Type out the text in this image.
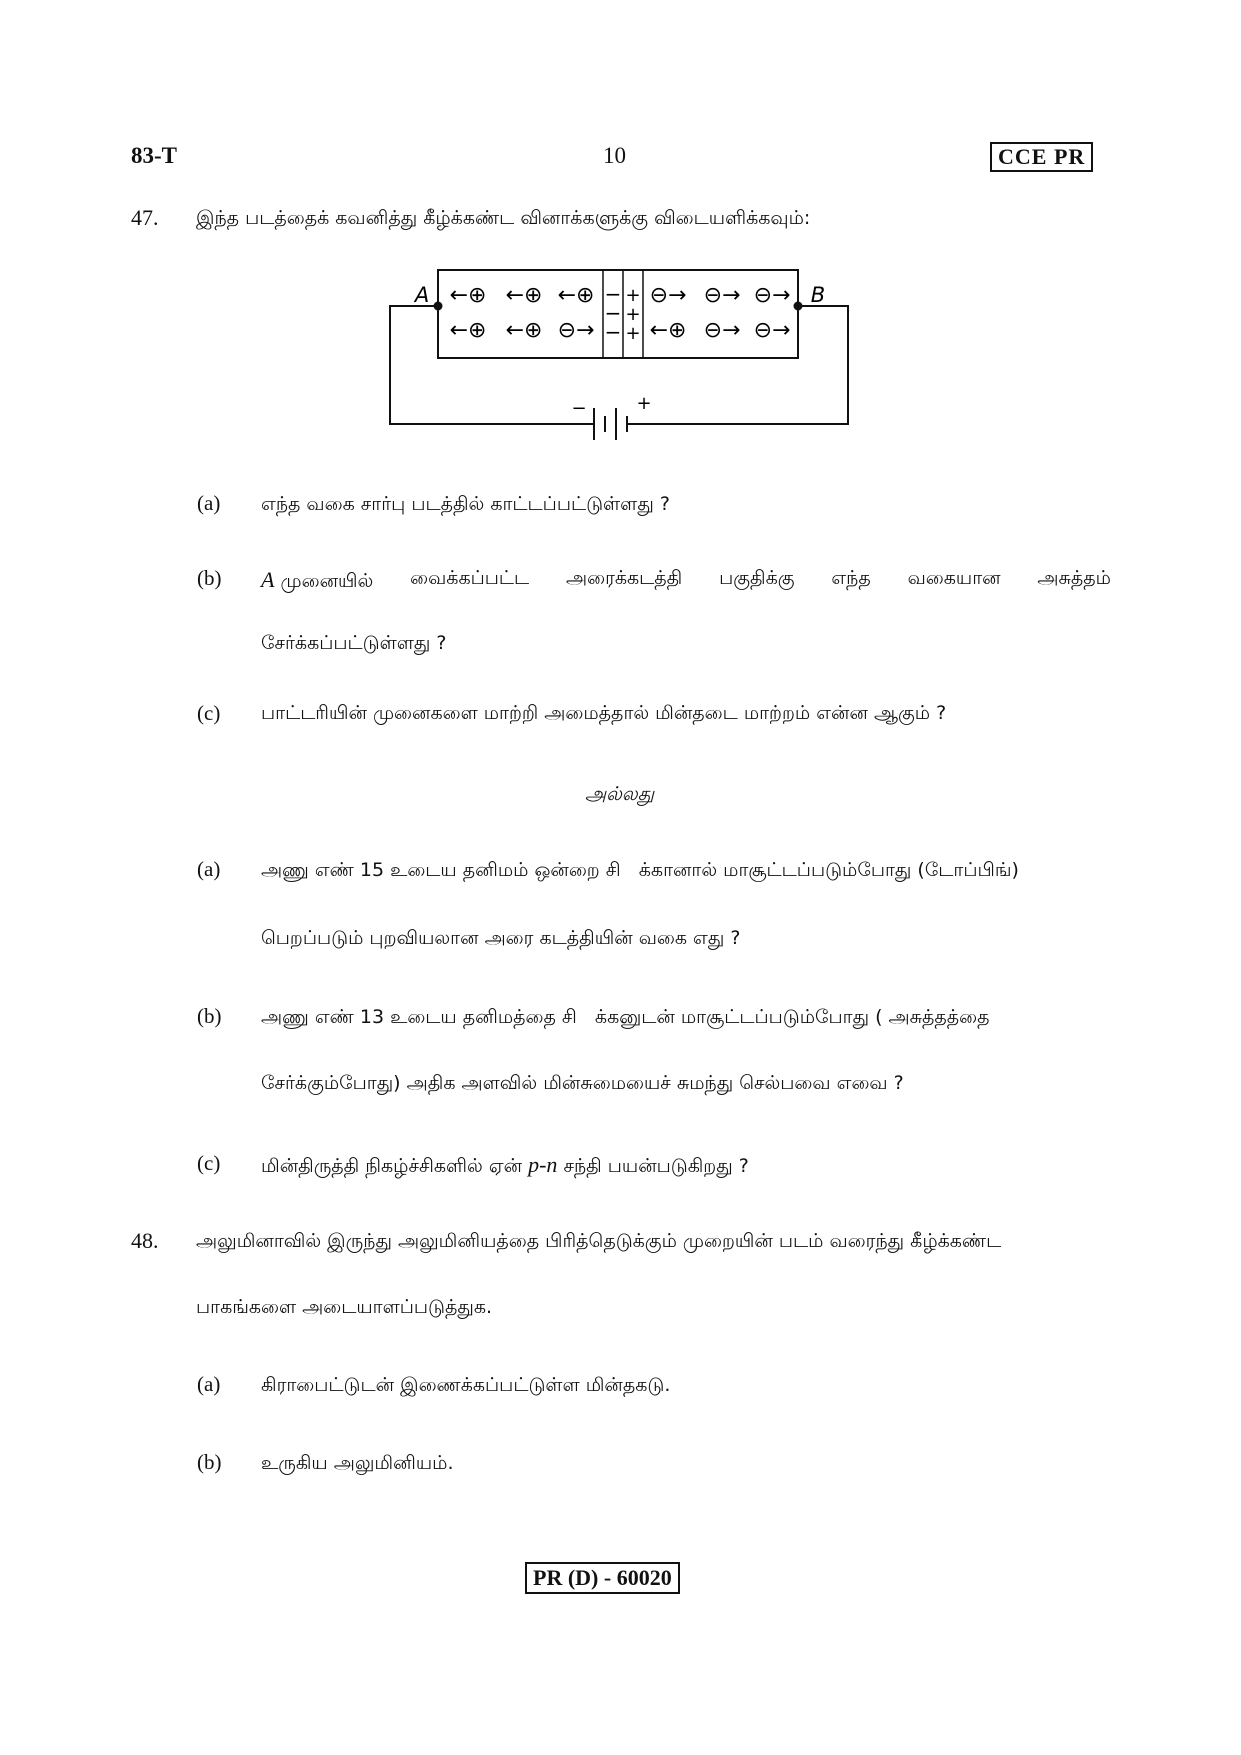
83-T	10	CCE PR
47. இந்த படத்தைக் கவனித்து கீழ்க்கண்ட வினாக்களுக்கு விடையளிக்கவும்:
−
−
−
+
+
+
←⊕ ←⊕ ←⊕
←⊕ ←⊕ ⊖→
⊖→ ⊖→ ⊖→
←⊕ ⊖→ ⊖→
A	B
−	+
(a) எந்த வகை சார்பு படத்தில் காட்டப்பட்டுள்ளது ?
(b) A முனையில் வைக்கப்பட்ட அரைக்கடத்தி பகுதிக்கு எந்த வகையான அசுத்தம்
சேர்க்கப்பட்டுள்ளது ?
(c) பாட்டரியின் முனைகளை மாற்றி அமைத்தால் மின்தடை மாற்றம் என்ன ஆகும் ?
அல்லது
(a) அணு எண் 15 உடைய தனிமம் ஒன்றை சி   க்கானால் மாசூட்டப்படும்போது (டோப்பிங்)
பெறப்படும் புறவியலான அரை கடத்தியின் வகை எது ?
(b) அணு எண் 13 உடைய தனிமத்தை சி   க்கனுடன் மாசூட்டப்படும்போது ( அசுத்தத்தை
சேர்க்கும்போது) அதிக அளவில் மின்சுமையைச் சுமந்து செல்பவை எவை ?
(c) மின்திருத்தி நிகழ்ச்சிகளில் ஏன் p-n சந்தி பயன்படுகிறது ?
48. அலுமினாவில் இருந்து அலுமினியத்தை பிரித்தெடுக்கும் முறையின் படம் வரைந்து கீழ்க்கண்ட
பாகங்களை அடையாளப்படுத்துக.
(a) கிராபைட்டுடன் இணைக்கப்பட்டுள்ள மின்தகடு.
(b) உருகிய அலுமினியம்.
PR (D) - 60020
